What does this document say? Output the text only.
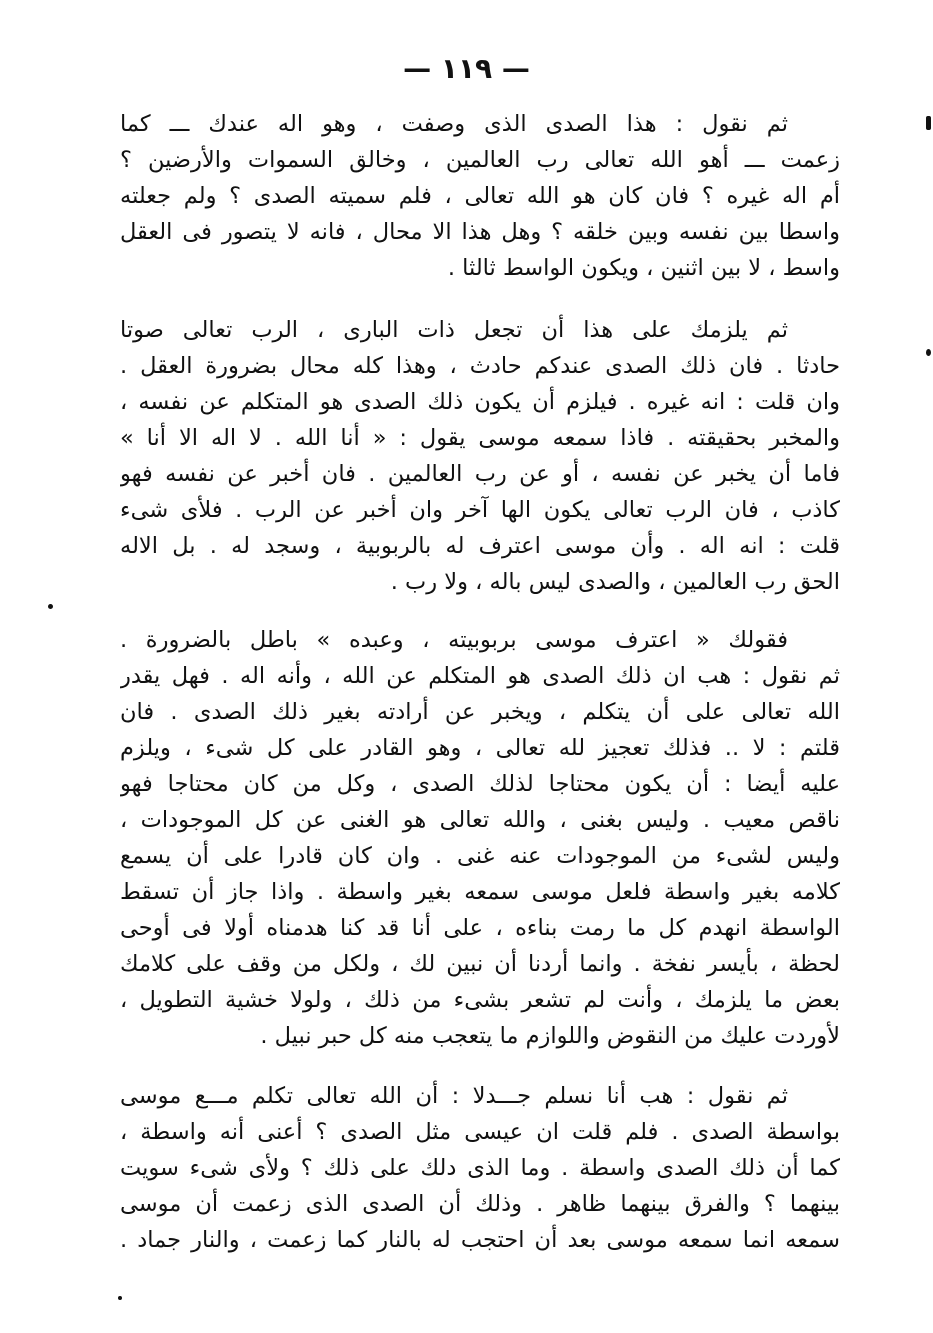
— ١١٩ —
ثم نقول : هذا الصدى الذى وصفت ، وهو اله عندك ـــ كما
زعمت ـــ أهو الله تعالى رب العالمين ، وخالق السموات والأرضين ؟
أم اله غيره ؟ فان كان هو الله تعالى ، فلم سميته الصدى ؟ ولم جعلته
واسطا بين نفسه وبين خلقه ؟ وهل هذا الا محال ، فانه لا يتصور فى العقل
واسط ، لا بين اثنين ، ويكون الواسط ثالثا .
ثم يلزمك على هذا أن تجعل ذات البارى ، الرب تعالى صوتا
حادثا . فان ذلك الصدى عندكم حادث ، وهذا كله محال بضرورة العقل .
وان قلت : انه غيره . فيلزم أن يكون ذلك الصدى هو المتكلم عن نفسه ،
والمخبر بحقيقته . فاذا سمعه موسى يقول : « أنا الله . لا اله الا أنا »
فاما أن يخبر عن نفسه ، أو عن رب العالمين . فان أخبر عن نفسه فهو
كاذب ، فان الرب تعالى يكون الها آخر وان أخبر عن الرب . فلأى شىء
قلت : انه اله . وأن موسى اعترف له بالربوبية ، وسجد له . بل الاله
الحق رب العالمين ، والصدى ليس باله ، ولا رب .
فقولك « اعترف موسى بربوبيته ، وعبده » باطل بالضرورة .
ثم نقول : هب ان ذلك الصدى هو المتكلم عن الله ، وأنه اله . فهل يقدر
الله تعالى على أن يتكلم ، ويخبر عن أرادته بغير ذلك الصدى . فان
قلتم : لا .. فذلك تعجيز لله تعالى ، وهو القادر على كل شىء ، ويلزم
عليه أيضا : أن يكون محتاجا لذلك الصدى ، وكل من كان محتاجا فهو
ناقص معيب . وليس بغنى ، والله تعالى هو الغنى عن كل الموجودات ،
وليس لشىء من الموجودات عنه غنى . وان كان قادرا على أن يسمع
كلامه بغير واسطة فلعل موسى سمعه بغير واسطة . واذا جاز أن تسقط
الواسطة انهدم كل ما رمت بناءه ، على أنا قد كنا هدمناه أولا فى أوحى
لحظة ، بأيسر نفخة . وانما أردنا أن نبين لك ، ولكل من وقف على كلامك
بعض ما يلزمك ، وأنت لم تشعر بشىء من ذلك ، ولولا خشية التطويل ،
لأوردت عليك من النقوض واللوازم ما يتعجب منه كل حبر نبيل .
ثم نقول : هب أنا نسلم جـــدلا : أن الله تعالى تكلم مـــع موسى
بواسطة الصدى . فلم قلت ان عيسى مثل الصدى ؟ أعنى أنه واسطة ،
كما أن ذلك الصدى واسطة . وما الذى دلك على ذلك ؟ ولأى شىء سويت
بينهما ؟ والفرق بينهما ظاهر . وذلك أن الصدى الذى زعمت أن موسى
سمعه انما سمعه موسى بعد أن احتجب له بالنار كما زعمت ، والنار جماد .
